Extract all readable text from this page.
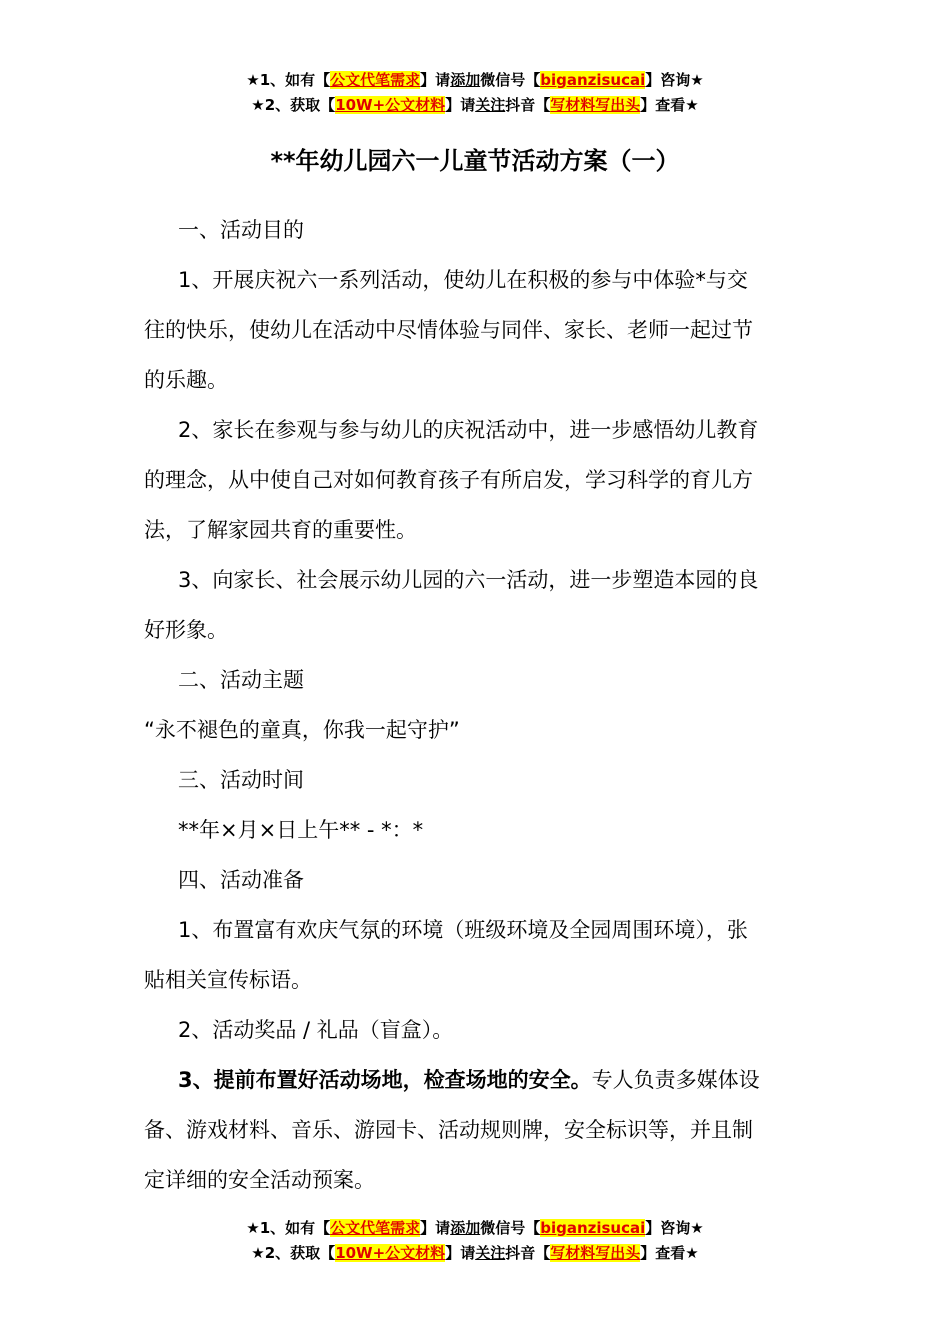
★1、如有【公文代笔需求】请添加微信号【biganzisucai】咨询★
★2、获取【10W+公文材料】请关注抖音【写材料写出头】查看★
**年幼儿园六一儿童节活动方案（一）

一、活动目的

1、开展庆祝六一系列活动，使幼儿在积极的参与中体验*与交

往的快乐，使幼儿在活动中尽情体验与同伴、家长、老师一起过节

的乐趣。

2、家长在参观与参与幼儿的庆祝活动中，进一步感悟幼儿教育

的理念，从中使自己对如何教育孩子有所启发，学习科学的育儿方

法，了解家园共育的重要性。

3、向家长、社会展示幼儿园的六一活动，进一步塑造本园的良

好形象。

二、活动主题

“永不褪色的童真，你我一起守护”

三、活动时间

**年×月×日上午** - *：*

四、活动准备

1、布置富有欢庆气氛的环境（班级环境及全园周围环境），张

贴相关宣传标语。

2、活动奖品 / 礼品（盲盒）。

3、提前布置好活动场地，检查场地的安全。专人负责多媒体设

备、游戏材料、音乐、游园卡、活动规则牌，安全标识等，并且制

定详细的安全活动预案。

★1、如有【公文代笔需求】请添加微信号【biganzisucai】咨询★
★2、获取【10W+公文材料】请关注抖音【写材料写出头】查看★
